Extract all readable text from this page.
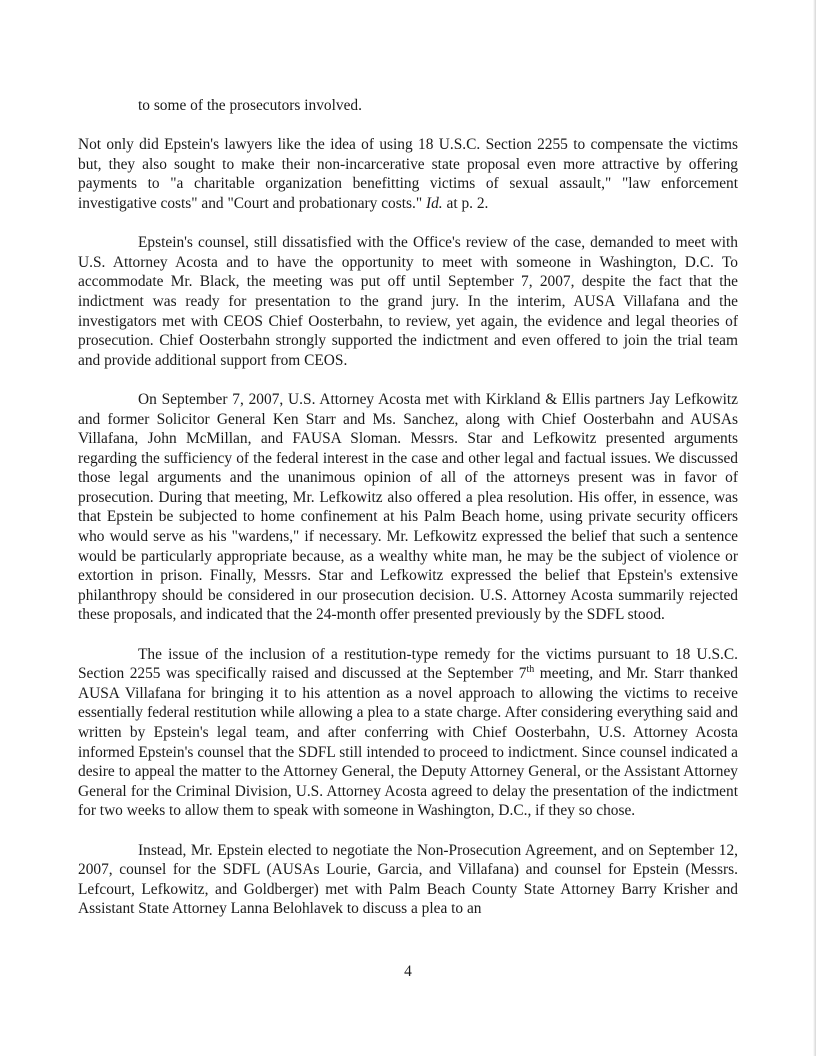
to some of the prosecutors involved.

Not only did Epstein's lawyers like the idea of using 18 U.S.C. Section 2255 to compensate the victims but, they also sought to make their non-incarcerative state proposal even more attractive by offering payments to "a charitable organization benefitting victims of sexual assault," "law enforcement investigative costs" and "Court and probationary costs." Id. at p. 2.

Epstein's counsel, still dissatisfied with the Office's review of the case, demanded to meet with U.S. Attorney Acosta and to have the opportunity to meet with someone in Washington, D.C. To accommodate Mr. Black, the meeting was put off until September 7, 2007, despite the fact that the indictment was ready for presentation to the grand jury. In the interim, AUSA Villafana and the investigators met with CEOS Chief Oosterbahn, to review, yet again, the evidence and legal theories of prosecution. Chief Oosterbahn strongly supported the indictment and even offered to join the trial team and provide additional support from CEOS.

On September 7, 2007, U.S. Attorney Acosta met with Kirkland & Ellis partners Jay Lefkowitz and former Solicitor General Ken Starr and Ms. Sanchez, along with Chief Oosterbahn and AUSAs Villafana, John McMillan, and FAUSA Sloman. Messrs. Star and Lefkowitz presented arguments regarding the sufficiency of the federal interest in the case and other legal and factual issues. We discussed those legal arguments and the unanimous opinion of all of the attorneys present was in favor of prosecution. During that meeting, Mr. Lefkowitz also offered a plea resolution. His offer, in essence, was that Epstein be subjected to home confinement at his Palm Beach home, using private security officers who would serve as his "wardens," if necessary. Mr. Lefkowitz expressed the belief that such a sentence would be particularly appropriate because, as a wealthy white man, he may be the subject of violence or extortion in prison. Finally, Messrs. Star and Lefkowitz expressed the belief that Epstein's extensive philanthropy should be considered in our prosecution decision. U.S. Attorney Acosta summarily rejected these proposals, and indicated that the 24-month offer presented previously by the SDFL stood.

The issue of the inclusion of a restitution-type remedy for the victims pursuant to 18 U.S.C. Section 2255 was specifically raised and discussed at the September 7th meeting, and Mr. Starr thanked AUSA Villafana for bringing it to his attention as a novel approach to allowing the victims to receive essentially federal restitution while allowing a plea to a state charge. After considering everything said and written by Epstein's legal team, and after conferring with Chief Oosterbahn, U.S. Attorney Acosta informed Epstein's counsel that the SDFL still intended to proceed to indictment. Since counsel indicated a desire to appeal the matter to the Attorney General, the Deputy Attorney General, or the Assistant Attorney General for the Criminal Division, U.S. Attorney Acosta agreed to delay the presentation of the indictment for two weeks to allow them to speak with someone in Washington, D.C., if they so chose.

Instead, Mr. Epstein elected to negotiate the Non-Prosecution Agreement, and on September 12, 2007, counsel for the SDFL (AUSAs Lourie, Garcia, and Villafana) and counsel for Epstein (Messrs. Lefcourt, Lefkowitz, and Goldberger) met with Palm Beach County State Attorney Barry Krisher and Assistant State Attorney Lanna Belohlavek to discuss a plea to an

4
